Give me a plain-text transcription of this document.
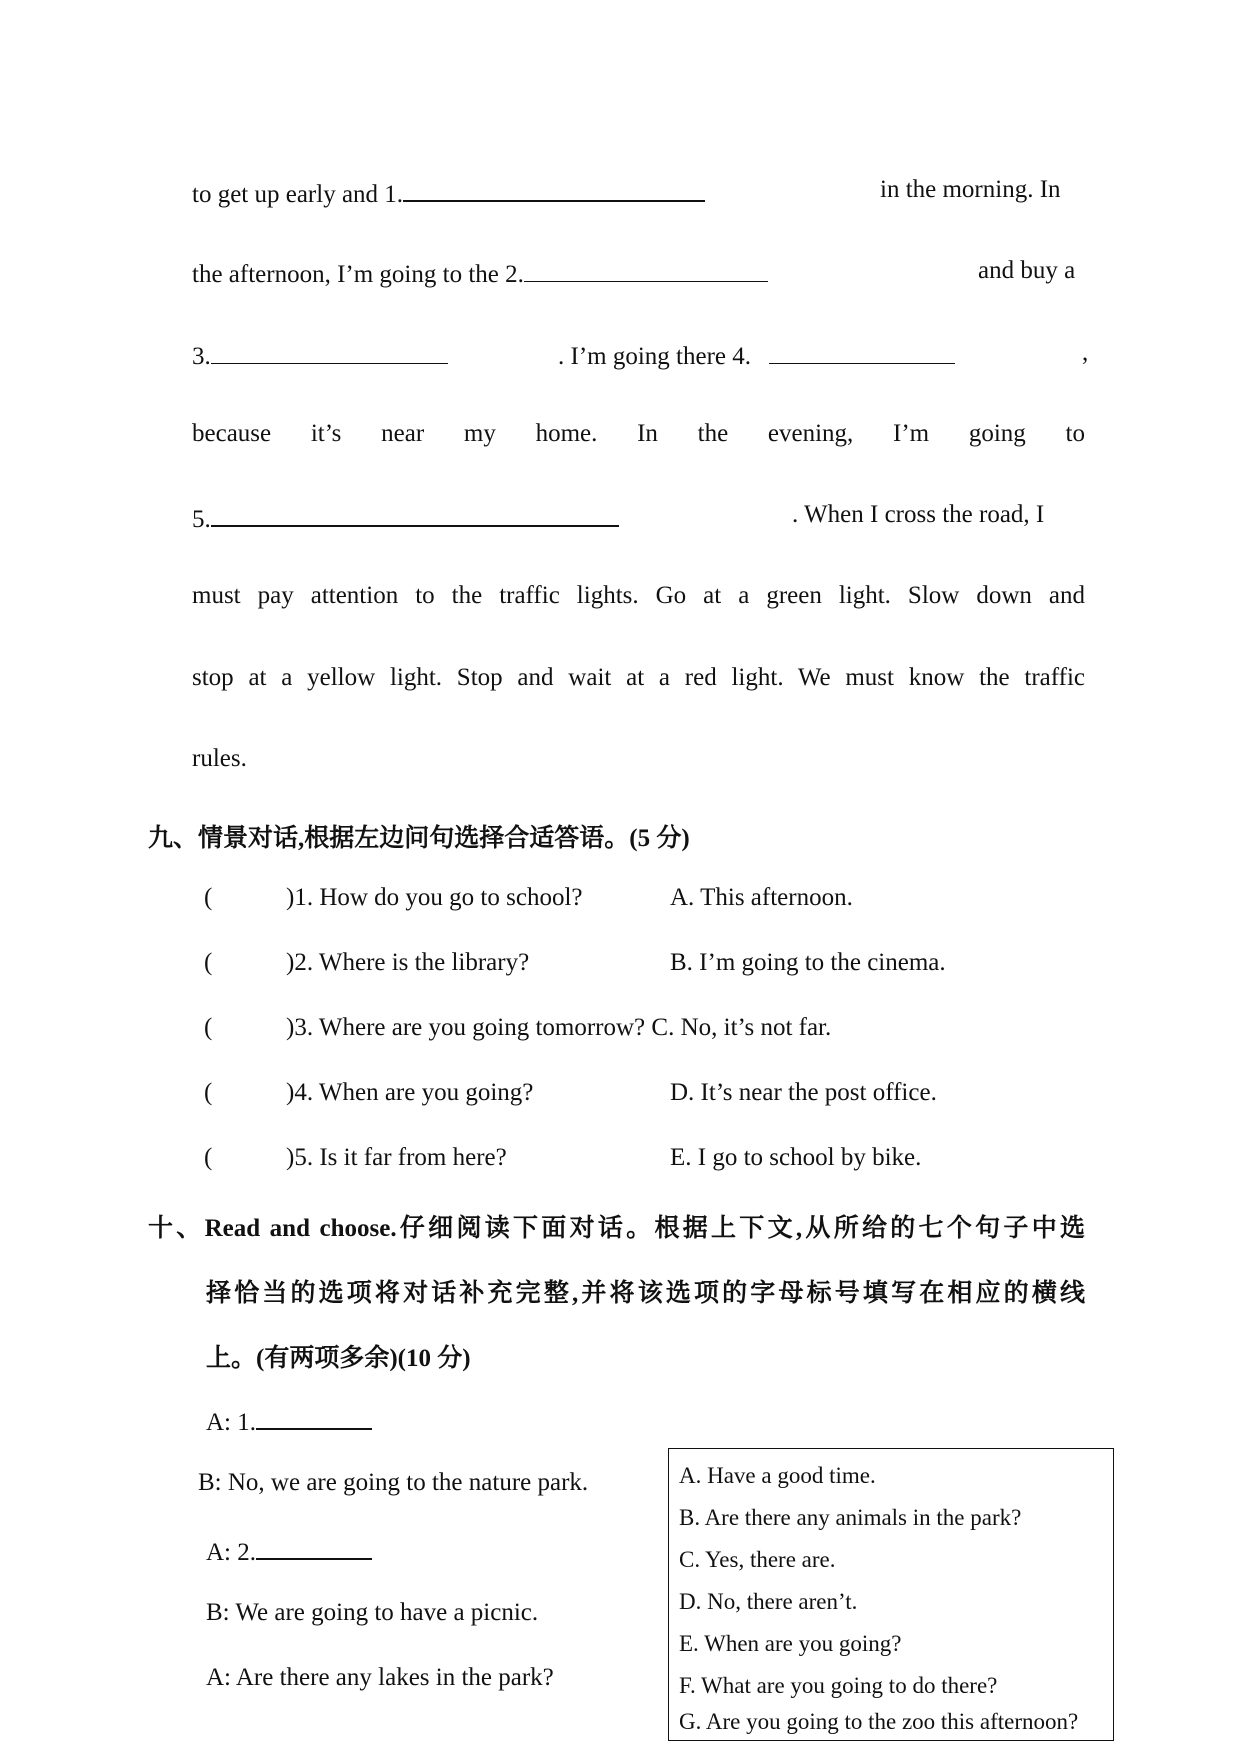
to get up early and 1.	in the morning. In
the afternoon, I’m going to the 2.	and buy a
3.	. I’m going there 4.	,
because it’s near my home. In the evening, I’m going to
5.	. When I cross the road, I
must pay attention to the traffic lights. Go at a green light. Slow down and
stop at a yellow light. Stop and wait at a red light. We must know the traffic
rules.
九、情景对话,根据左边问句选择合适答语。(5 分)
(	)1. How do you go to school?	A. This afternoon.
(	)2. Where is the library?	B. I’m going to the cinema.
(	)3. Where are you going tomorrow? C. No, it’s not far.
(	)4. When are you going?	D. It’s near the post office.
(	)5. Is it far from here?	E. I go to school by bike.
十、Read and choose.仔细阅读下面对话。根据上下文,从所给的七个句子中选
择恰当的选项将对话补充完整,并将该选项的字母标号填写在相应的横线
上。(有两项多余)(10 分)
A: 1.
B: No, we are going to the nature park.
A: 2.
B: We are going to have a picnic.
A: Are there any lakes in the park?
A. Have a good time.
B. Are there any animals in the park?
C. Yes, there are.
D. No, there aren’t.
E. When are you going?
F. What are you going to do there?
G. Are you going to the zoo this afternoon?
